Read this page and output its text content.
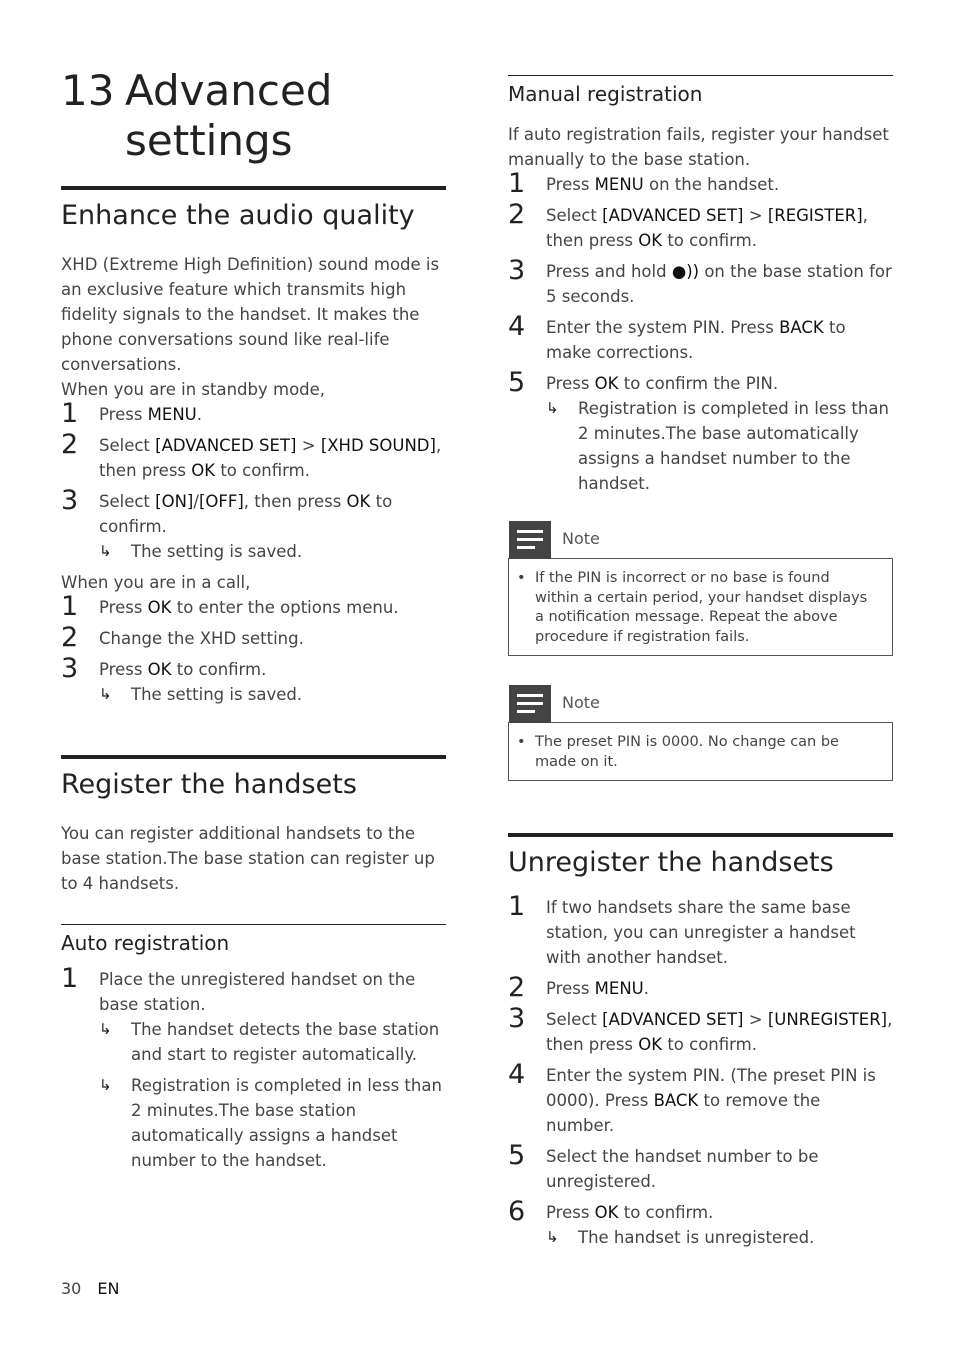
13 Advanced
settings
Enhance the audio quality

XHD (Extreme High Definition) sound mode is an exclusive feature which transmits high fidelity signals to the handset. It makes the phone conversations sound like real-life conversations.

When you are in standby mode,

1 Press MENU.
2 Select [ADVANCED SET] > [XHD SOUND], then press OK to confirm.
3 Select [ON]/[OFF], then press OK to confirm.
↳ The setting is saved.

When you are in a call,

1 Press OK to enter the options menu.
2 Change the XHD setting.
3 Press OK to confirm.
↳ The setting is saved.
Register the handsets

You can register additional handsets to the base station.The base station can register up to 4 handsets.

Auto registration
1 Place the unregistered handset on the base station.
↳ The handset detects the base station and start to register automatically.
↳ Registration is completed in less than 2 minutes.The base station automatically assigns a handset number to the handset.
Manual registration

If auto registration fails, register your handset manually to the base station.

1 Press MENU on the handset.
2 Select [ADVANCED SET] > [REGISTER], then press OK to confirm.
3 Press and hold ●)) on the base station for 5 seconds.
4 Enter the system PIN. Press BACK to make corrections.
5 Press OK to confirm the PIN.
↳ Registration is completed in less than 2 minutes.The base automatically assigns a handset number to the handset.
Note
• If the PIN is incorrect or no base is found within a certain period, your handset displays a notification message. Repeat the above procedure if registration fails.
Note
• The preset PIN is 0000. No change can be made on it.
Unregister the handsets
1 If two handsets share the same base station, you can unregister a handset with another handset.
2 Press MENU.
3 Select [ADVANCED SET] > [UNREGISTER], then press OK to confirm.
4 Enter the system PIN. (The preset PIN is 0000). Press BACK to remove the number.
5 Select the handset number to be unregistered.
6 Press OK to confirm.
↳ The handset is unregistered.
30 EN
